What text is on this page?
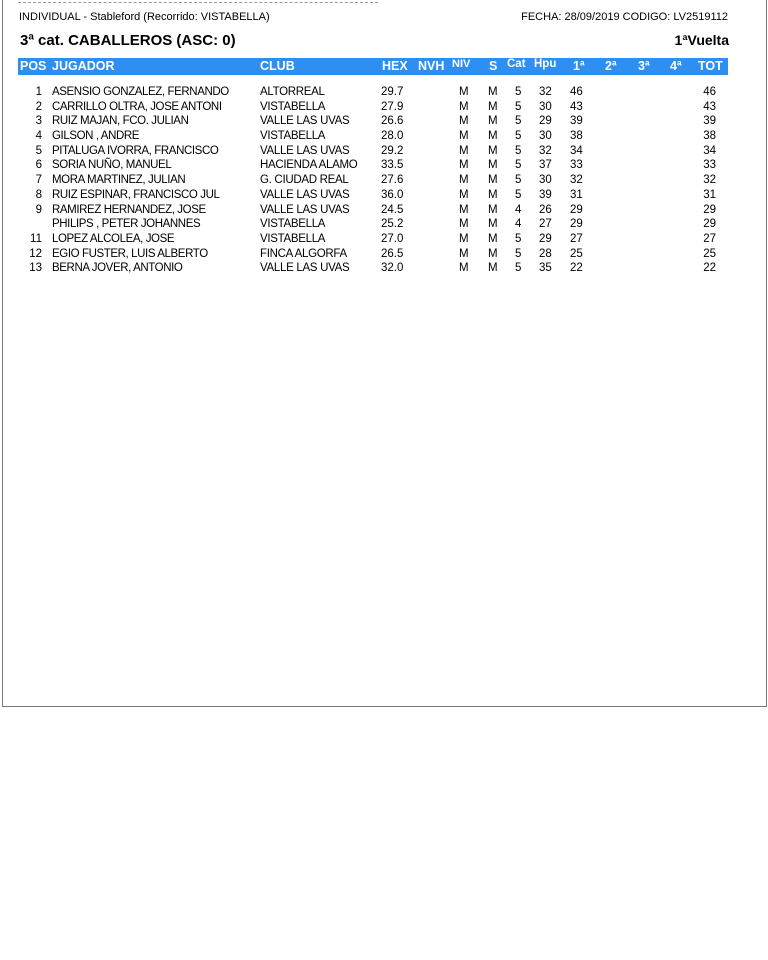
INDIVIDUAL - Stableford (Recorrido: VISTABELLA)	FECHA: 28/09/2019 CODIGO: LV2519112
3ª cat. CABALLEROS (ASC: 0)	1ªVuelta
POS JUGADOR	CLUB	HEX NVH NIV S Cat Hpu 1ª 2ª 3ª 4ª TOT
1 ASENSIO GONZALEZ, FERNANDO	ALTORREAL	29.7	M M 5 32 46	46
2 CARRILLO OLTRA, JOSE ANTONI	VISTABELLA	27.9	M M 5 30 43	43
3 RUIZ MAJAN, FCO. JULIAN	VALLE LAS UVAS	26.6	M M 5 29 39	39
4 GILSON , ANDRE	VISTABELLA	28.0	M M 5 30 38	38
5 PITALUGA IVORRA, FRANCISCO	VALLE LAS UVAS	29.2	M M 5 32 34	34
6 SORIA NUÑO, MANUEL	HACIENDA ALAMO 33.5	M M 5 37 33	33
7 MORA MARTINEZ, JULIAN	G. CIUDAD REAL	27.6	M M 5 30 32	32
8 RUIZ ESPINAR, FRANCISCO JUL	VALLE LAS UVAS	36.0	M M 5 39 31	31
9 RAMIREZ HERNANDEZ, JOSE	VALLE LAS UVAS	24.5	M M 4 26 29	29
PHILIPS , PETER JOHANNES	VISTABELLA	25.2	M M 4 27 29	29
11 LOPEZ ALCOLEA, JOSE	VISTABELLA	27.0	M M 5 29 27	27
12 EGIO FUSTER, LUIS ALBERTO	FINCA ALGORFA	26.5	M M 5 28 25	25
13 BERNA JOVER, ANTONIO	VALLE LAS UVAS	32.0	M M 5 35 22	22
